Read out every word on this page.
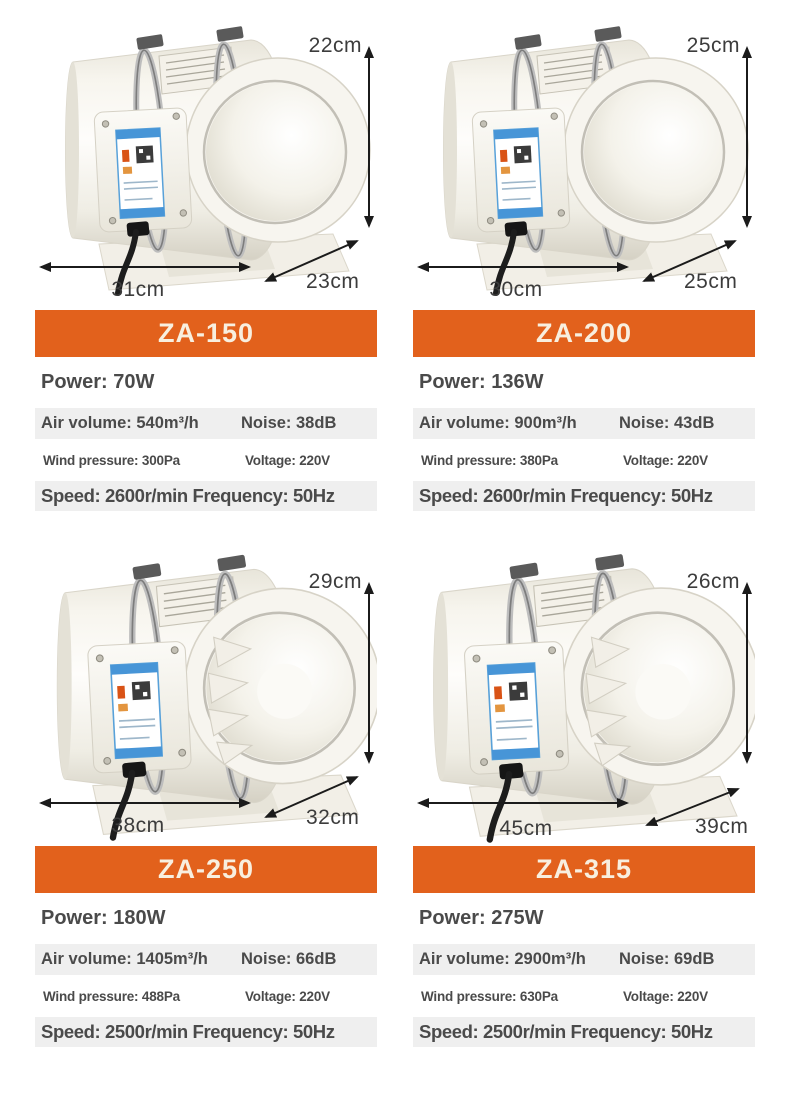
22cm
31cm	23cm
ZA-150
Power: 70W
Air volume: 540m³/h	Noise: 38dB
Wind pressure: 300Pa	Voltage: 220V
Speed: 2600r/min Frequency: 50Hz
25cm
30cm	25cm
ZA-200
Power: 136W
Air volume: 900m³/h	Noise: 43dB
Wind pressure: 380Pa	Voltage: 220V
Speed: 2600r/min Frequency: 50Hz
29cm
38cm	32cm
ZA-250
Power: 180W
Air volume: 1405m³/h	Noise: 66dB
Wind pressure: 488Pa	Voltage: 220V
Speed: 2500r/min Frequency: 50Hz
26cm
45cm	39cm
ZA-315
Power: 275W
Air volume: 2900m³/h	Noise: 69dB
Wind pressure: 630Pa	Voltage: 220V
Speed: 2500r/min Frequency: 50Hz
